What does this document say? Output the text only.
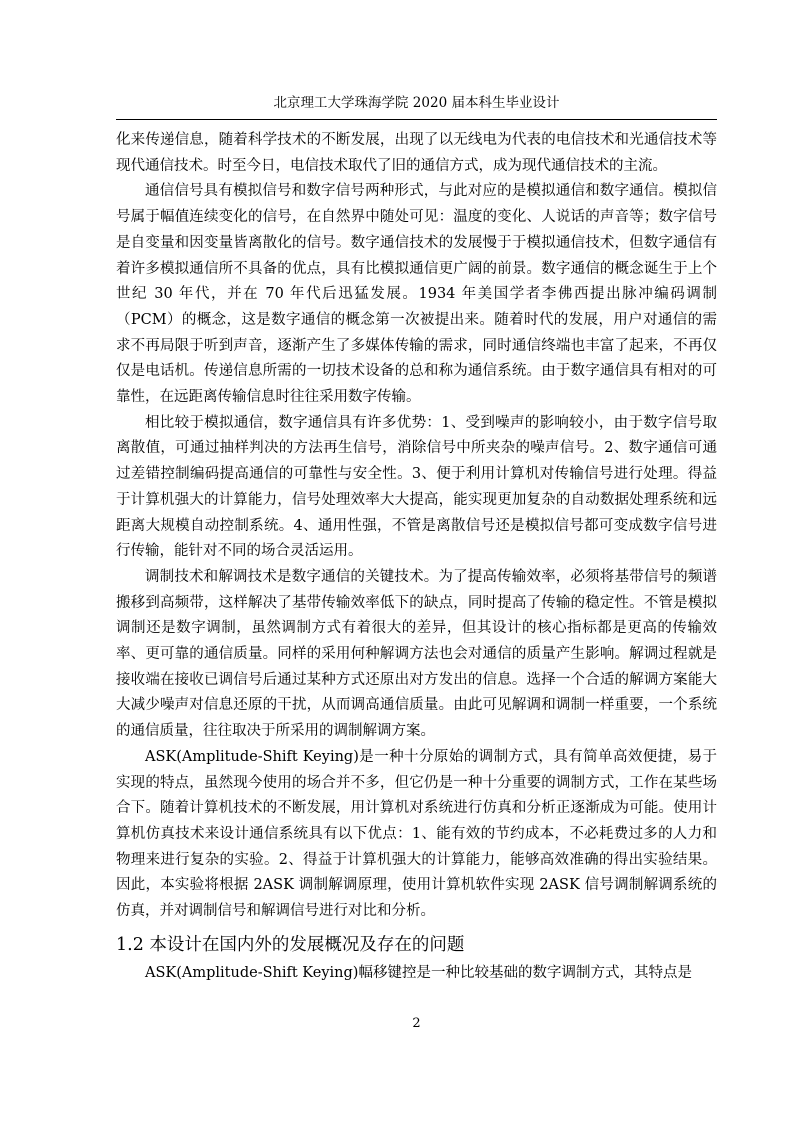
北京理工大学珠海学院 2020 届本科生毕业设计

化来传递信息，随着科学技术的不断发展，出现了以无线电为代表的电信技术和光通信技术等现代通信技术。时至今日，电信技术取代了旧的通信方式，成为现代通信技术的主流。

通信信号具有模拟信号和数字信号两种形式，与此对应的是模拟通信和数字通信。模拟信号属于幅值连续变化的信号，在自然界中随处可见：温度的变化、人说话的声音等；数字信号是自变量和因变量皆离散化的信号。数字通信技术的发展慢于于模拟通信技术，但数字通信有着许多模拟通信所不具备的优点，具有比模拟通信更广阔的前景。数字通信的概念诞生于上个世纪 30 年代，并在 70 年代后迅猛发展。1934 年美国学者李佛西提出脉冲编码调制（PCM）的概念，这是数字通信的概念第一次被提出来。随着时代的发展，用户对通信的需求不再局限于听到声音，逐渐产生了多媒体传输的需求，同时通信终端也丰富了起来，不再仅仅是电话机。传递信息所需的一切技术设备的总和称为通信系统。由于数字通信具有相对的可靠性，在远距离传输信息时往往采用数字传输。

相比较于模拟通信，数字通信具有许多优势：1、受到噪声的影响较小，由于数字信号取离散值，可通过抽样判决的方法再生信号，消除信号中所夹杂的噪声信号。2、数字通信可通过差错控制编码提高通信的可靠性与安全性。3、便于利用计算机对传输信号进行处理。得益于计算机强大的计算能力，信号处理效率大大提高，能实现更加复杂的自动数据处理系统和远距离大规模自动控制系统。4、通用性强，不管是离散信号还是模拟信号都可变成数字信号进行传输，能针对不同的场合灵活运用。

调制技术和解调技术是数字通信的关键技术。为了提高传输效率，必须将基带信号的频谱搬移到高频带，这样解决了基带传输效率低下的缺点，同时提高了传输的稳定性。不管是模拟调制还是数字调制，虽然调制方式有着很大的差异，但其设计的核心指标都是更高的传输效率、更可靠的通信质量。同样的采用何种解调方法也会对通信的质量产生影响。解调过程就是接收端在接收已调信号后通过某种方式还原出对方发出的信息。选择一个合适的解调方案能大大减少噪声对信息还原的干扰，从而调高通信质量。由此可见解调和调制一样重要，一个系统的通信质量，往往取决于所采用的调制解调方案。

ASK(Amplitude-Shift Keying)是一种十分原始的调制方式，具有简单高效便捷，易于实现的特点，虽然现今使用的场合并不多，但它仍是一种十分重要的调制方式，工作在某些场合下。随着计算机技术的不断发展，用计算机对系统进行仿真和分析正逐渐成为可能。使用计算机仿真技术来设计通信系统具有以下优点：1、能有效的节约成本，不必耗费过多的人力和物理来进行复杂的实验。2、得益于计算机强大的计算能力，能够高效准确的得出实验结果。因此，本实验将根据 2ASK 调制解调原理，使用计算机软件实现 2ASK 信号调制解调系统的仿真，并对调制信号和解调信号进行对比和分析。

1.2 本设计在国内外的发展概况及存在的问题

ASK(Amplitude-Shift Keying)幅移键控是一种比较基础的数字调制方式，其特点是

2
